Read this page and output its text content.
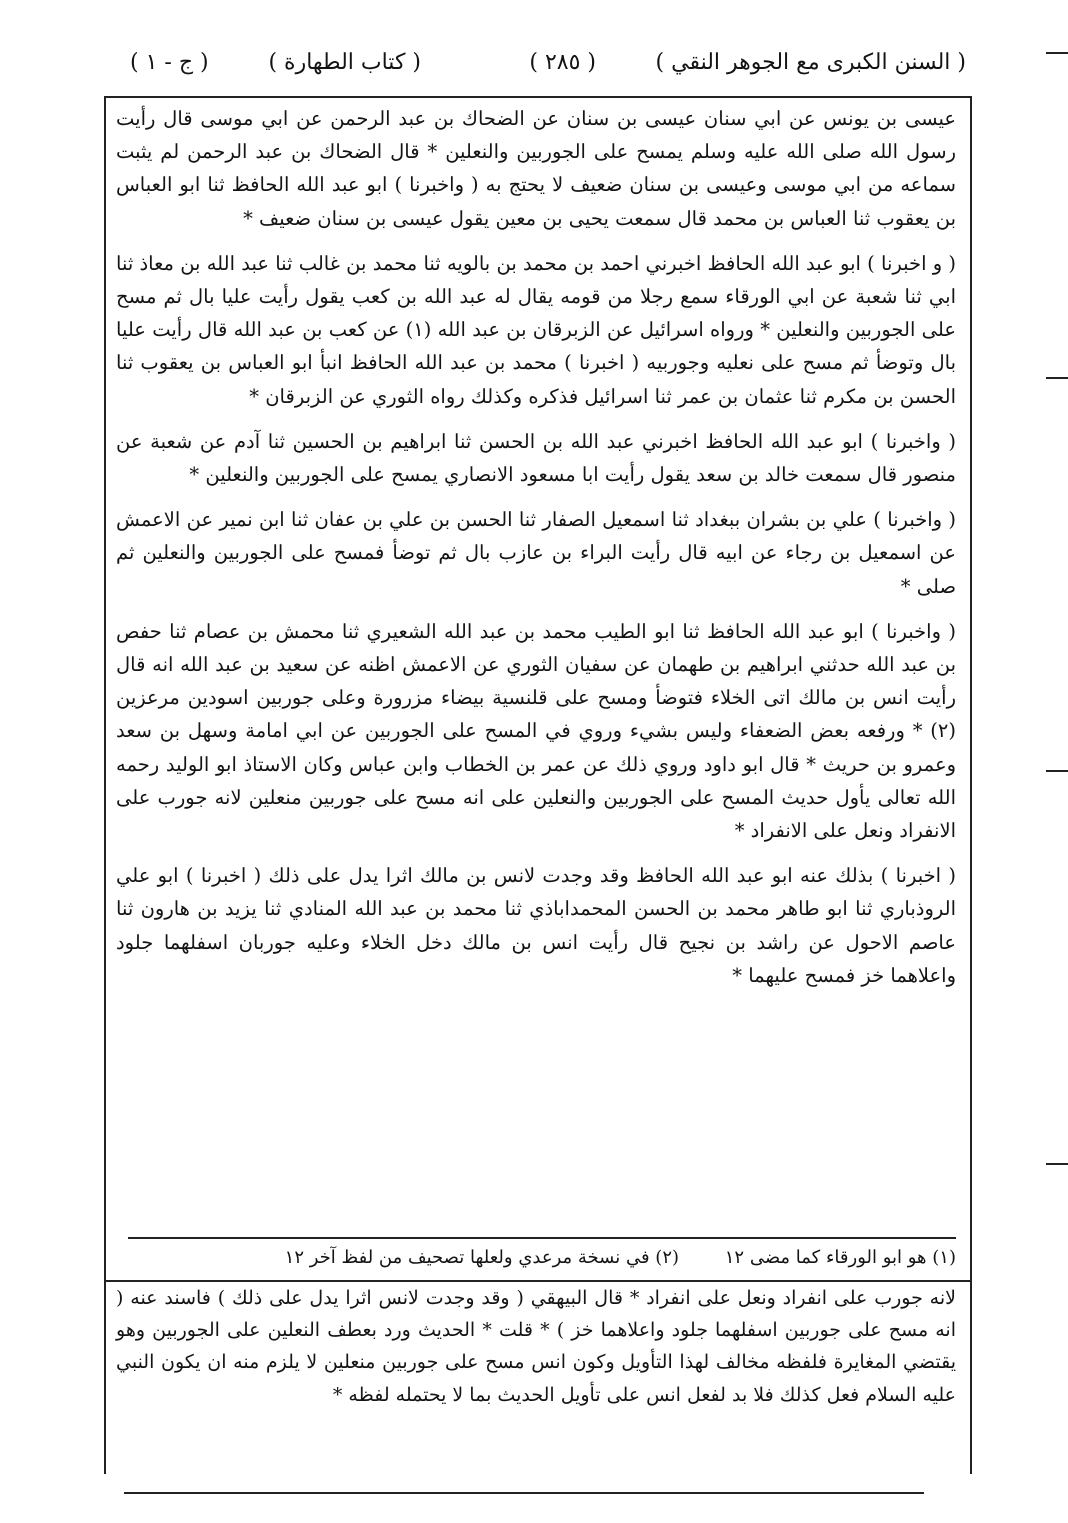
( السنن الكبرى مع الجوهر النقي )
( ٢٨٥ )
( كتاب الطهارة )
( ج - ١ )

عيسى بن يونس عن ابي سنان عيسى بن سنان عن الضحاك بن عبد الرحمن عن ابي موسى قال رأيت رسول الله صلى الله عليه وسلم يمسح على الجوربين والنعلين * قال الضحاك بن عبد الرحمن لم يثبت سماعه من ابي موسى وعيسى بن سنان ضعيف لا يحتج به ( واخبرنا ) ابو عبد الله الحافظ ثنا ابو العباس بن يعقوب ثنا العباس بن محمد قال سمعت يحيى بن معين يقول عيسى بن سنان ضعيف *

( و اخبرنا ) ابو عبد الله الحافظ اخبرني احمد بن محمد بن بالويه ثنا محمد بن غالب ثنا عبد الله بن معاذ ثنا ابي ثنا شعبة عن ابي الورقاء سمع رجلا من قومه يقال له عبد الله بن كعب يقول رأيت عليا بال ثم مسح على الجوربين والنعلين * ورواه اسرائيل عن الزبرقان بن عبد الله (١) عن كعب بن عبد الله قال رأيت عليا بال وتوضأ ثم مسح على نعليه وجوربيه ( اخبرنا ) محمد بن عبد الله الحافظ انبأ ابو العباس بن يعقوب ثنا الحسن بن مكرم ثنا عثمان بن عمر ثنا اسرائيل فذكره وكذلك رواه الثوري عن الزبرقان *

( واخبرنا ) ابو عبد الله الحافظ اخبرني عبد الله بن الحسن ثنا ابراهيم بن الحسين ثنا آدم عن شعبة عن منصور قال سمعت خالد بن سعد يقول رأيت ابا مسعود الانصاري يمسح على الجوربين والنعلين *

( واخبرنا ) علي بن بشران ببغداد ثنا اسمعيل الصفار ثنا الحسن بن علي بن عفان ثنا ابن نمير عن الاعمش عن اسمعيل بن رجاء عن ابيه قال رأيت البراء بن عازب بال ثم توضأ فمسح على الجوربين والنعلين ثم صلى *

( واخبرنا ) ابو عبد الله الحافظ ثنا ابو الطيب محمد بن عبد الله الشعيري ثنا محمش بن عصام ثنا حفص بن عبد الله حدثني ابراهيم بن طهمان عن سفيان الثوري عن الاعمش اظنه عن سعيد بن عبد الله انه قال رأيت انس بن مالك اتى الخلاء فتوضأ ومسح على قلنسية بيضاء مزرورة وعلى جوربين اسودين مرعزين (٢) * ورفعه بعض الضعفاء وليس بشيء وروي في المسح على الجوربين عن ابي امامة وسهل بن سعد وعمرو بن حريث * قال ابو داود وروي ذلك عن عمر بن الخطاب وابن عباس وكان الاستاذ ابو الوليد رحمه الله تعالى يأول حديث المسح على الجوربين والنعلين على انه مسح على جوربين منعلين لانه جورب على الانفراد ونعل على الانفراد *

( اخبرنا ) بذلك عنه ابو عبد الله الحافظ وقد وجدت لانس بن مالك اثرا يدل على ذلك ( اخبرنا ) ابو علي الروذباري ثنا ابو طاهر محمد بن الحسن المحمداباذي ثنا محمد بن عبد الله المنادي ثنا يزيد بن هارون ثنا عاصم الاحول عن راشد بن نجيح قال رأيت انس بن مالك دخل الخلاء وعليه جوربان اسفلهما جلود واعلاهما خز فمسح عليهما *

(١) هو ابو الورقاء كما مضى ١٢ (٢) في نسخة مرعدي ولعلها تصحيف من لفظ آخر ١٢
لانه جورب على انفراد ونعل على انفراد * قال البيهقي ( وقد وجدت لانس اثرا يدل على ذلك ) فاسند عنه ( انه مسح على جوربين اسفلهما جلود واعلاهما خز ) * قلت * الحديث ورد بعطف النعلين على الجوربين وهو يقتضي المغايرة فلفظه مخالف لهذا التأويل وكون انس مسح على جوربين منعلين لا يلزم منه ان يكون النبي عليه السلام فعل كذلك فلا بد لفعل انس على تأويل الحديث بما لا يحتمله لفظه *
